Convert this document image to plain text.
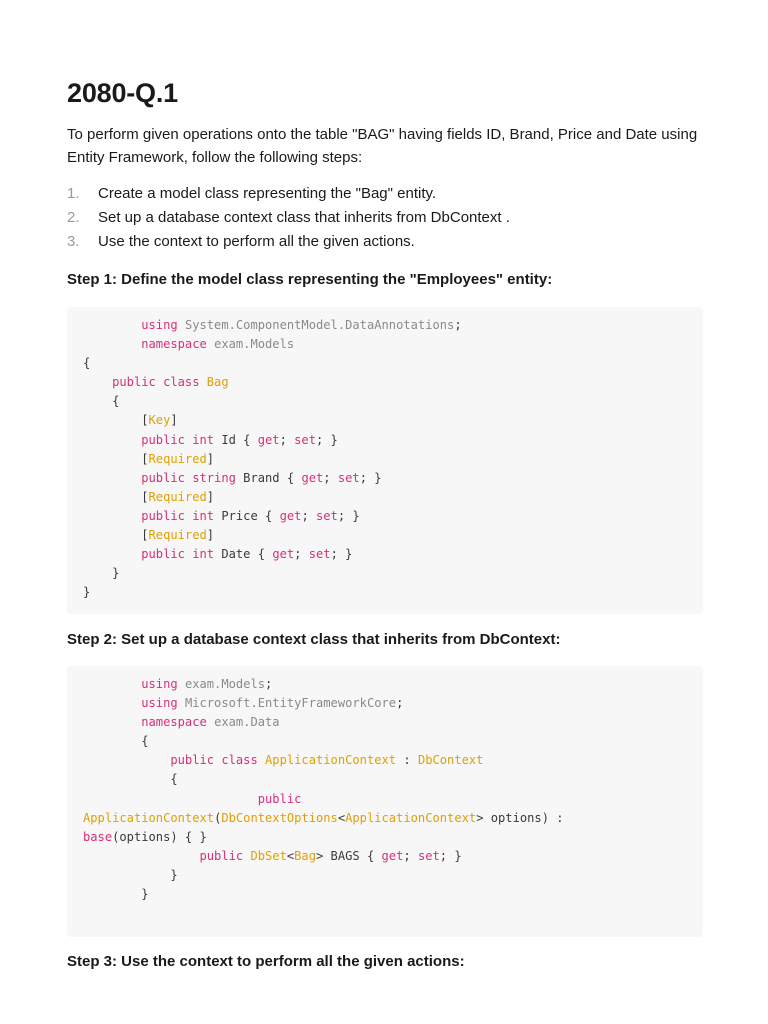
2080-Q.1

To perform given operations onto the table "BAG" having fields ID, Brand, Price and Date using Entity Framework, follow the following steps:

1. Create a model class representing the "Bag" entity.
2. Set up a database context class that inherits from DbContext .
3. Use the context to perform all the given actions.
Step 1: Define the model class representing the "Employees" entity:
using System.ComponentModel.DataAnnotations;
namespace exam.Models
{
public class Bag
{
[Key]
public int Id { get; set; }
[Required]
public string Brand { get; set; }
[Required]
public int Price { get; set; }
[Required]
public int Date { get; set; }
}
}
Step 2: Set up a database context class that inherits from DbContext:
using exam.Models;
using Microsoft.EntityFrameworkCore;
namespace exam.Data
{
public class ApplicationContext : DbContext
{
public
ApplicationContext(DbContextOptions<ApplicationContext> options) :
base(options) { }
public DbSet<Bag> BAGS { get; set; }
}
}
Step 3: Use the context to perform all the given actions:
